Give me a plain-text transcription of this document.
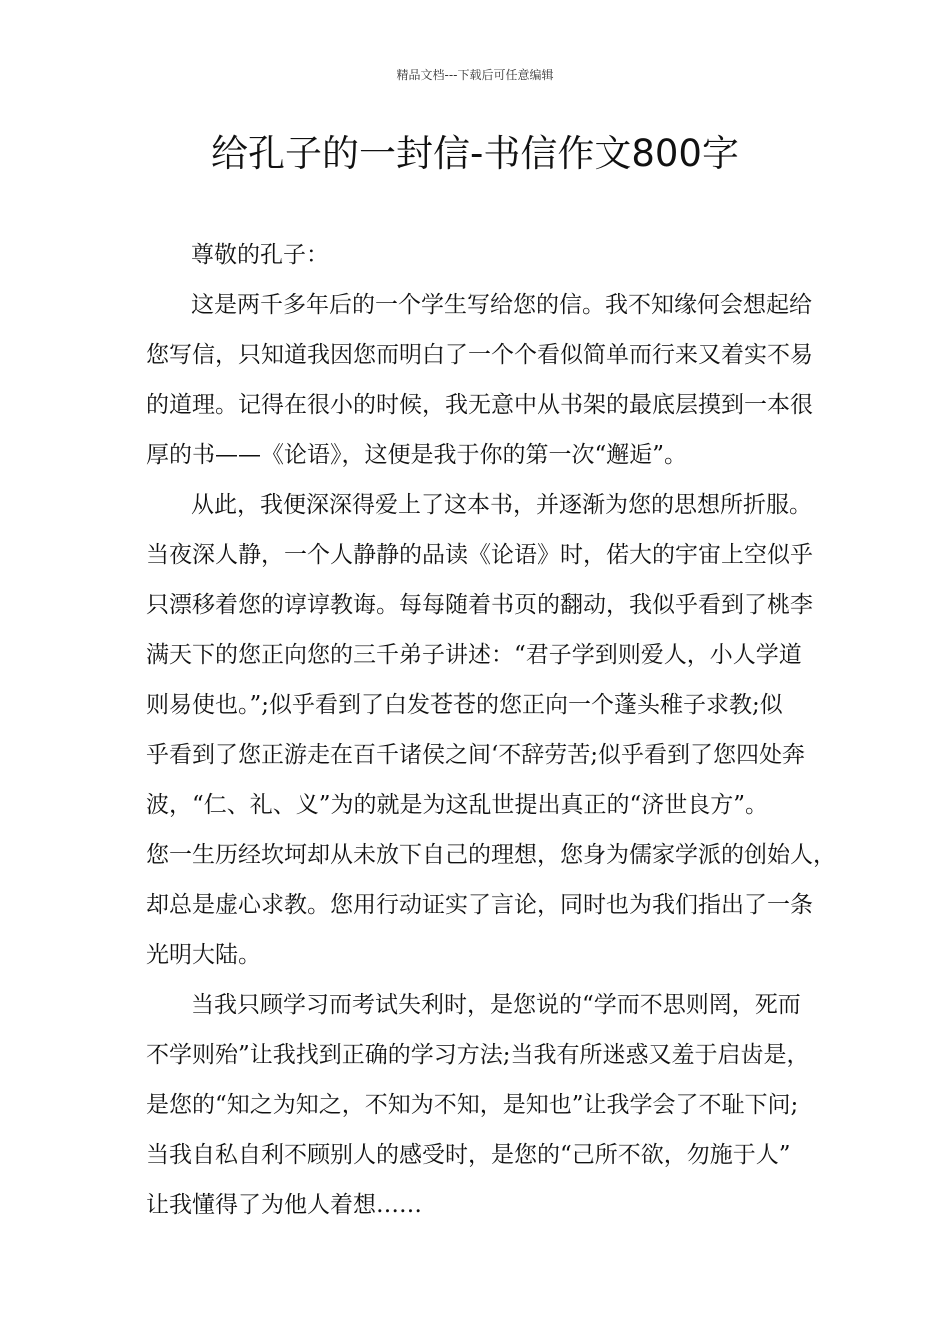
精品文档---下载后可任意编辑
给孔子的一封信-书信作文800字
尊敬的孔子：
这是两千多年后的一个学生写给您的信。我不知缘何会想起给
您写信，只知道我因您而明白了一个个看似简单而行来又着实不易
的道理。记得在很小的时候，我无意中从书架的最底层摸到一本很
厚的书——《论语》，这便是我于你的第一次“邂逅”。
从此，我便深深得爱上了这本书，并逐渐为您的思想所折服。
当夜深人静，一个人静静的品读《论语》时，偌大的宇宙上空似乎
只漂移着您的谆谆教诲。每每随着书页的翻动，我似乎看到了桃李
满天下的您正向您的三千弟子讲述：“君子学到则爱人，小人学道
则易使也。”;似乎看到了白发苍苍的您正向一个蓬头稚子求教;似
乎看到了您正游走在百千诸侯之间‘不辞劳苦;似乎看到了您四处奔
波，“仁、礼、义”为的就是为这乱世提出真正的“济世良方”。
您一生历经坎坷却从未放下自己的理想，您身为儒家学派的创始人，
却总是虚心求教。您用行动证实了言论，同时也为我们指出了一条
光明大陆。
当我只顾学习而考试失利时，是您说的“学而不思则罔，死而
不学则殆”让我找到正确的学习方法;当我有所迷惑又羞于启齿是，
是您的“知之为知之，不知为不知，是知也”让我学会了不耻下问;
当我自私自利不顾别人的感受时，是您的“己所不欲，勿施于人”
让我懂得了为他人着想……
